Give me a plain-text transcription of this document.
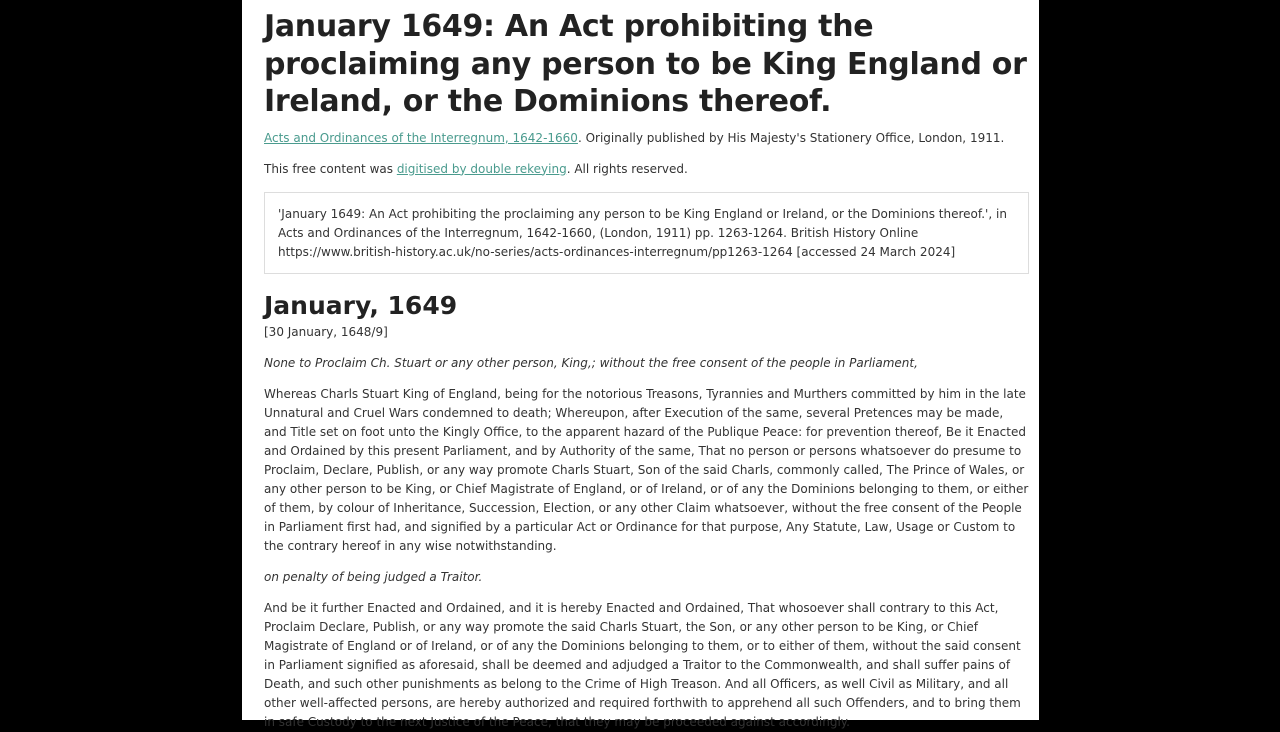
January 1649: An Act prohibiting the proclaiming any person to be King England or Ireland, or the Dominions thereof.

Acts and Ordinances of the Interregnum, 1642-1660. Originally published by His Majesty's Stationery Office, London, 1911.

This free content was digitised by double rekeying. All rights reserved.

'January 1649: An Act prohibiting the proclaiming any person to be King England or Ireland, or the Dominions thereof.', in Acts and Ordinances of the Interregnum, 1642-1660, (London, 1911) pp. 1263-1264. British History Online https://www.british-history.ac.uk/no-series/acts-ordinances-interregnum/pp1263-1264 [accessed 24 March 2024]
January, 1649

[30 January, 1648/9]

None to Proclaim Ch. Stuart or any other person, King,; without the free consent of the people in Parliament,

Whereas Charls Stuart King of England, being for the notorious Treasons, Tyrannies and Murthers committed by him in the late Unnatural and Cruel Wars condemned to death; Whereupon, after Execution of the same, several Pretences may be made, and Title set on foot unto the Kingly Office, to the apparent hazard of the Publique Peace: for prevention thereof, Be it Enacted and Ordained by this present Parliament, and by Authority of the same, That no person or persons whatsoever do presume to Proclaim, Declare, Publish, or any way promote Charls Stuart, Son of the said Charls, commonly called, The Prince of Wales, or any other person to be King, or Chief Magistrate of England, or of Ireland, or of any the Dominions belonging to them, or either of them, by colour of Inheritance, Succession, Election, or any other Claim whatsoever, without the free consent of the People in Parliament first had, and signified by a particular Act or Ordinance for that purpose, Any Statute, Law, Usage or Custom to the contrary hereof in any wise notwithstanding.

on penalty of being judged a Traitor.

And be it further Enacted and Ordained, and it is hereby Enacted and Ordained, That whosoever shall contrary to this Act, Proclaim Declare, Publish, or any way promote the said Charls Stuart, the Son, or any other person to be King, or Chief Magistrate of England or of Ireland, or of any the Dominions belonging to them, or to either of them, without the said consent in Parliament signified as aforesaid, shall be deemed and adjudged a Traitor to the Commonwealth, and shall suffer pains of Death, and such other punishments as belong to the Crime of High Treason. And all Officers, as well Civil as Military, and all other well-affected persons, are hereby authorized and required forthwith to apprehend all such Offenders, and to bring them in safe Custody to the next Justice of the Peace, that they may be proceeded against accordingly.
